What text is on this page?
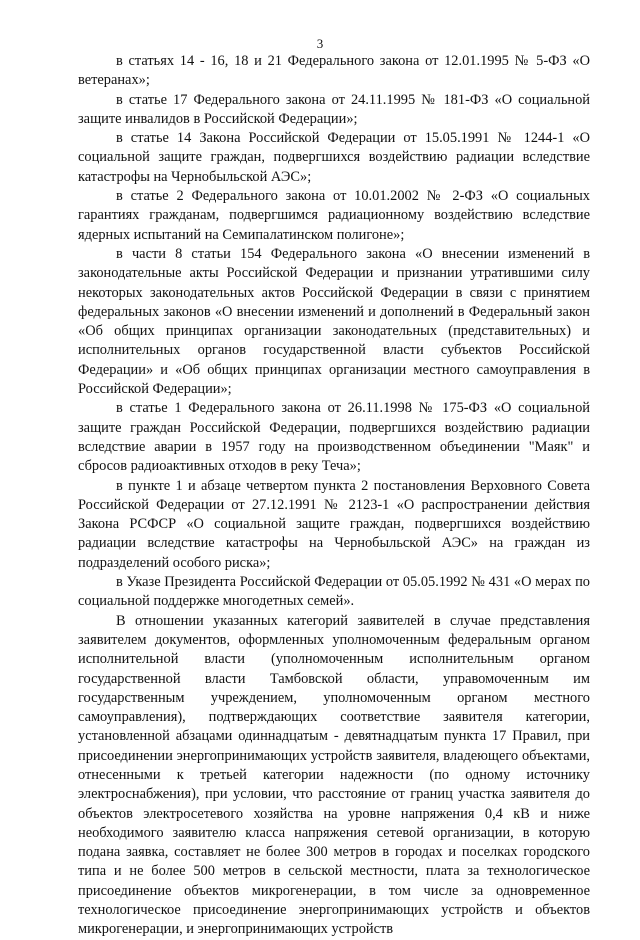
3

в статьях 14 - 16, 18 и 21 Федерального закона от 12.01.1995 № 5-ФЗ «О ветеранах»;

в статье 17 Федерального закона от 24.11.1995 № 181-ФЗ «О социальной защите инвалидов в Российской Федерации»;

в статье 14 Закона Российской Федерации от 15.05.1991 № 1244-1 «О социальной защите граждан, подвергшихся воздействию радиации вследствие катастрофы на Чернобыльской АЭС»;

в статье 2 Федерального закона от 10.01.2002 № 2-ФЗ «О социальных гарантиях гражданам, подвергшимся радиационному воздействию вследствие ядерных испытаний на Семипалатинском полигоне»;

в части 8 статьи 154 Федерального закона «О внесении изменений в законодательные акты Российской Федерации и признании утратившими силу некоторых законодательных актов Российской Федерации в связи с принятием федеральных законов «О внесении изменений и дополнений в Федеральный закон «Об общих принципах организации законодательных (представительных) и исполнительных органов государственной власти субъектов Российской Федерации» и «Об общих принципах организации местного самоуправления в Российской Федерации»;

в статье 1 Федерального закона от 26.11.1998 № 175-ФЗ «О социальной защите граждан Российской Федерации, подвергшихся воздействию радиации вследствие аварии в 1957 году на производственном объединении "Маяк" и сбросов радиоактивных отходов в реку Теча»;

в пункте 1 и абзаце четвертом пункта 2 постановления Верховного Совета Российской Федерации от 27.12.1991 № 2123-1 «О распространении действия Закона РСФСР «О социальной защите граждан, подвергшихся воздействию радиации вследствие катастрофы на Чернобыльской АЭС» на граждан из подразделений особого риска»;

в Указе Президента Российской Федерации от 05.05.1992 № 431 «О мерах по социальной поддержке многодетных семей».

В отношении указанных категорий заявителей в случае представления заявителем документов, оформленных уполномоченным федеральным органом исполнительной власти (уполномоченным исполнительным органом государственной власти Тамбовской области, управомоченным им государственным учреждением, уполномоченным органом местного самоуправления), подтверждающих соответствие заявителя категории, установленной абзацами одиннадцатым - девятнадцатым пункта 17 Правил, при присоединении энергопринимающих устройств заявителя, владеющего объектами, отнесенными к третьей категории надежности (по одному источнику электроснабжения), при условии, что расстояние от границ участка заявителя до объектов электросетевого хозяйства на уровне напряжения 0,4 кВ и ниже необходимого заявителю класса напряжения сетевой организации, в которую подана заявка, составляет не более 300 метров в городах и поселках городского типа и не более 500 метров в сельской местности, плата за технологическое присоединение объектов микрогенерации, в том числе за одновременное технологическое присоединение энергопринимающих устройств и объектов микрогенерации, и энергопринимающих устройств
